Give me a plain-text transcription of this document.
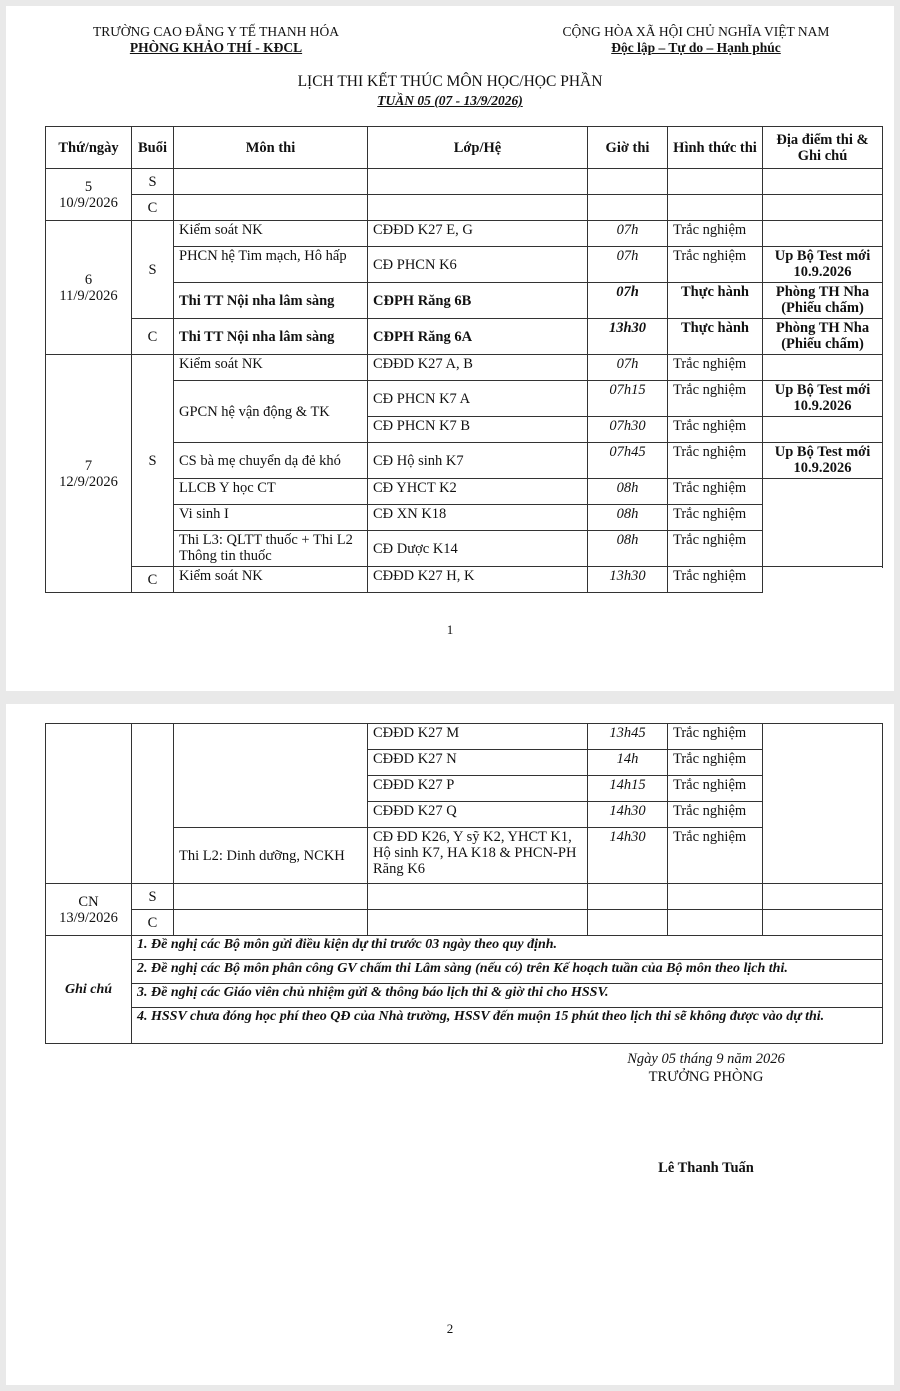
TRƯỜNG CAO ĐẲNG Y TẾ THANH HÓA
PHÒNG KHẢO THÍ - KĐCL
CỘNG HÒA XÃ HỘI CHỦ NGHĨA VIỆT NAM
Độc lập – Tự do – Hạnh phúc
LỊCH THI KẾT THÚC MÔN HỌC/HỌC PHẦN
TUẦN 05 (07 - 13/9/2026)
Thứ/ngày	Buổi	Môn thi	Lớp/Hệ	Giờ thi	Hình thức thi	Địa điểm thi & Ghi chú
5
10/9/2026	S					
	C					
6
11/9/2026	S	Kiểm soát NK	CĐĐD K27 E, G	07h	Trắc nghiệm	
		PHCN hệ Tim mạch, Hô hấp	CĐ PHCN K6	07h	Trắc nghiệm	Up Bộ Test mới 10.9.2026
		Thi TT Nội nha lâm sàng	CĐPH Răng 6B	07h	Thực hành	Phòng TH Nha (Phiếu chấm)
	C	Thi TT Nội nha lâm sàng	CĐPH Răng 6A	13h30	Thực hành	Phòng TH Nha (Phiếu chấm)
7
12/9/2026	S	Kiểm soát NK	CĐĐD K27 A, B	07h	Trắc nghiệm	
		GPCN hệ vận động & TK	CĐ PHCN K7 A	07h15	Trắc nghiệm	Up Bộ Test mới 10.9.2026
			CĐ PHCN K7 B	07h30	Trắc nghiệm	
		CS bà mẹ chuyển dạ đẻ khó	CĐ Hộ sinh K7	07h45	Trắc nghiệm	Up Bộ Test mới 10.9.2026
		LLCB Y học CT	CĐ YHCT K2	08h	Trắc nghiệm	
		Vi sinh I	CĐ XN K18	08h	Trắc nghiệm	
		Thi L3: QLTT thuốc + Thi L2 Thông tin thuốc	CĐ Dược K14	08h	Trắc nghiệm	

	C	Kiểm soát NK	CĐĐD K27 H, K	13h30	Trắc nghiệm	
1
			CĐĐD K27 M	13h45	Trắc nghiệm	
			CĐĐD K27 N	14h	Trắc nghiệm	
			CĐĐD K27 P	14h15	Trắc nghiệm	
			CĐĐD K27 Q	14h30	Trắc nghiệm	
		Thi L2: Dinh dưỡng, NCKH	CĐ ĐD K26, Y sỹ K2, YHCT K1, Hộ sinh K7, HA K18 & PHCN-PH Răng K6	14h30	Trắc nghiệm	
CN
13/9/2026	S					
	C					
Ghi chú	1. Đề nghị các Bộ môn gửi điều kiện dự thi trước 03 ngày theo quy định.					
	2. Đề nghị các Bộ môn phân công GV chấm thi Lâm sàng (nếu có) trên Kế hoạch tuần của Bộ môn theo lịch thi.					
	3. Đề nghị các Giáo viên chủ nhiệm gửi & thông báo lịch thi & giờ thi cho HSSV.					
	4. HSSV chưa đóng học phí theo QĐ của Nhà trường, HSSV đến muộn 15 phút theo lịch thi sẽ không được vào dự thi.					
Ngày 05 tháng 9 năm 2026
TRƯỞNG PHÒNG
Lê Thanh Tuấn
2
